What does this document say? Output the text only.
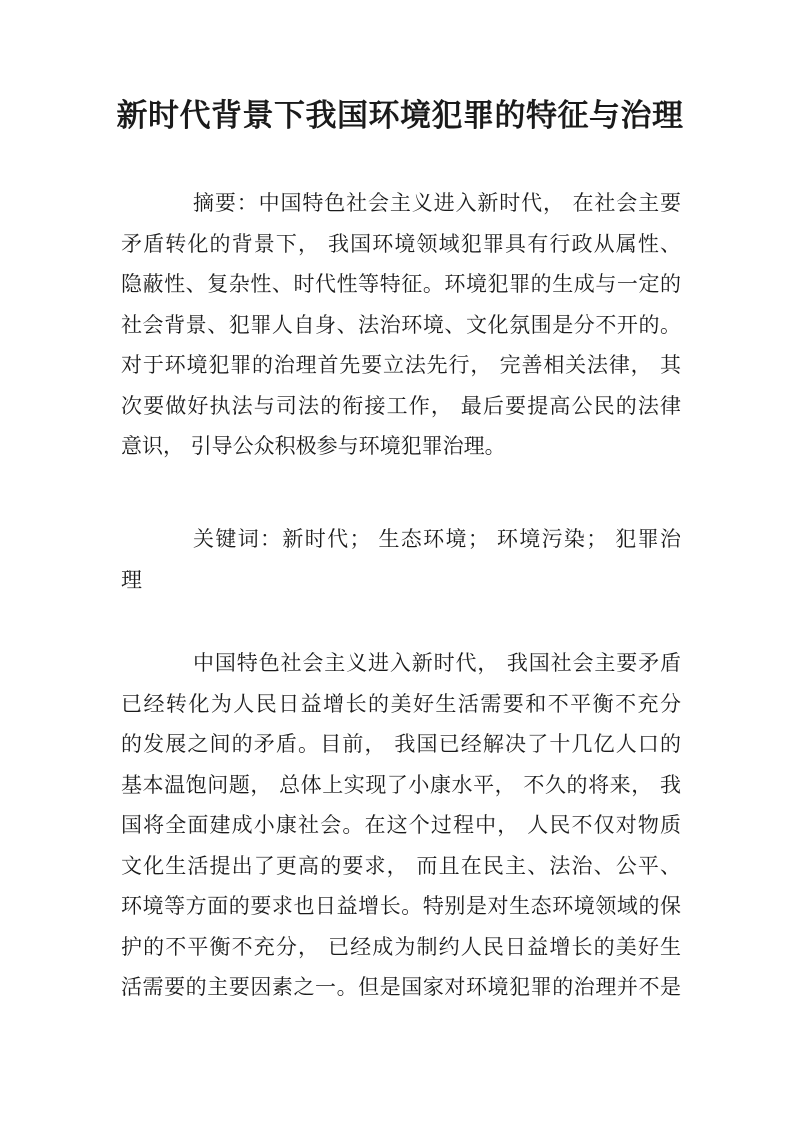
新时代背景下我国环境犯罪的特征与治理
摘要：中国特色社会主义进入新时代， 在社会主要
矛盾转化的背景下， 我国环境领域犯罪具有行政从属性、
隐蔽性、复杂性、时代性等特征。环境犯罪的生成与一定的
社会背景、犯罪人自身、法治环境、文化氛围是分不开的。
对于环境犯罪的治理首先要立法先行， 完善相关法律， 其
次要做好执法与司法的衔接工作， 最后要提高公民的法律
意识， 引导公众积极参与环境犯罪治理。
关键词：新时代； 生态环境； 环境污染； 犯罪治
理
中国特色社会主义进入新时代， 我国社会主要矛盾
已经转化为人民日益增长的美好生活需要和不平衡不充分
的发展之间的矛盾。目前， 我国已经解决了十几亿人口的
基本温饱问题， 总体上实现了小康水平， 不久的将来， 我
国将全面建成小康社会。在这个过程中， 人民不仅对物质
文化生活提出了更高的要求， 而且在民主、法治、公平、
环境等方面的要求也日益增长。特别是对生态环境领域的保
护的不平衡不充分， 已经成为制约人民日益增长的美好生
活需要的主要因素之一。但是国家对环境犯罪的治理并不是
